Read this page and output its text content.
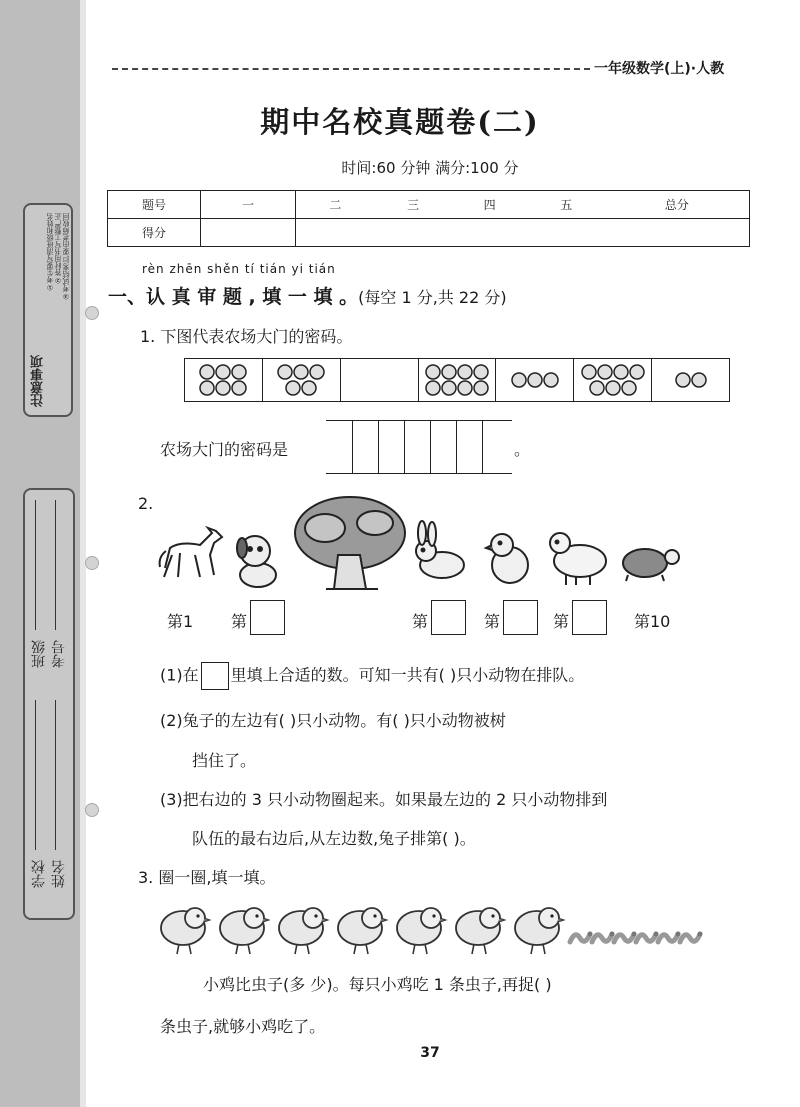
注意事项
①考生要写清班级和姓名 ②答时用书写工整严正 ③考试结束后,要由老师收回
班级 考号
学校 姓名
一年级数学(上)·人教
期中名校真题卷(二)
时间:60 分钟 满分:100 分
题号	一	二	三	四	五	总分
得分						
rèn zhēn shěn tí tián yi tián
一、认 真 审 题 , 填 一 填 。(每空 1 分,共 22 分)
1. 下图代表农场大门的密码。
农场大门的密码是	。
2.
第1 第	第	第	第	第10
(1)在 里填上合适的数。可知一共有( )只小动物在排队。
(2)兔子的左边有( )只小动物。有( )只小动物被树
挡住了。
(3)把右边的 3 只小动物圈起来。如果最左边的 2 只小动物排到
队伍的最右边后,从左边数,兔子排第( )。
3. 圈一圈,填一填。
小鸡比虫子(多 少)。每只小鸡吃 1 条虫子,再捉( )
条虫子,就够小鸡吃了。
37
